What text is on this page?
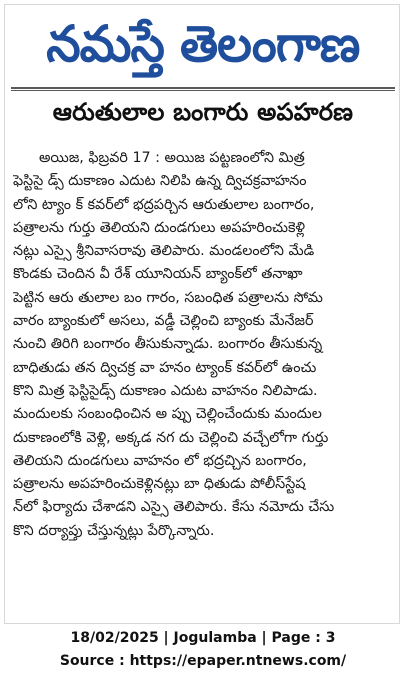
నమస్తే తెలంగాణ
ఆరుతులాల బంగారు అపహరణ
అయిజ, ఫిబ్రవరి 17 : అయిజ పట్టణంలోని మిత్ర
ఫెస్టిసై డ్స్ దుకాణం ఎదుట నిలిపి ఉన్న ద్విచక్రవాహనం
లోని ట్యాం క్ కవర్‌లో భద్రపర్చిన ఆరుతులాల బంగారం,
పత్రాలను గుర్తు తెలియని దుండగులు అపహరించుకెళ్లి
నట్లు ఎస్సై శ్రీనివాసరావు తెలిపారు. మండలంలోని మేడి
కొండకు చెందిన వీ రేశ్ యూనియన్ బ్యాంక్‌లో తనాఖా
పెట్టిన ఆరు తులాల బం గారం, సబంధిత పత్రాలను సోమ
వారం బ్యాంకులో అసలు, వడ్డీ చెల్లించి బ్యాంకు మేనేజర్
నుంచి తిరిగి బంగారం తీసుకున్నాడు. బంగారం తీసుకున్న
బాధితుడు తన ద్విచక్ర వా హనం ట్యాంక్ కవర్‌లో ఉంచు
కొని మిత్ర ఫెస్టిసైడ్స్ దుకాణం ఎదుట వాహనం నిలిపాడు.
మందులకు సంబంధించిన అ ప్పు చెల్లించేందుకు మందుల
దుకాణంలోకి వెళ్లి, అక్కడ నగ దు చెల్లించి వచ్చేలోగా గుర్తు
తెలియని దుండగులు వాహనం లో భద్రచ్చిన బంగారం,
పత్రాలను అపహరించుకెళ్లినట్లు బా ధితుడు పోలీస్‌స్టేష
న్‌లో ఫిర్యాదు చేశాడని ఎస్సై తెలిపారు. కేసు నమోదు చేసు
కొని దర్యాప్తు చేస్తున్నట్లు పేర్కొన్నారు.
18/02/2025 | Jogulamba | Page : 3
Source : https://epaper.ntnews.com/
